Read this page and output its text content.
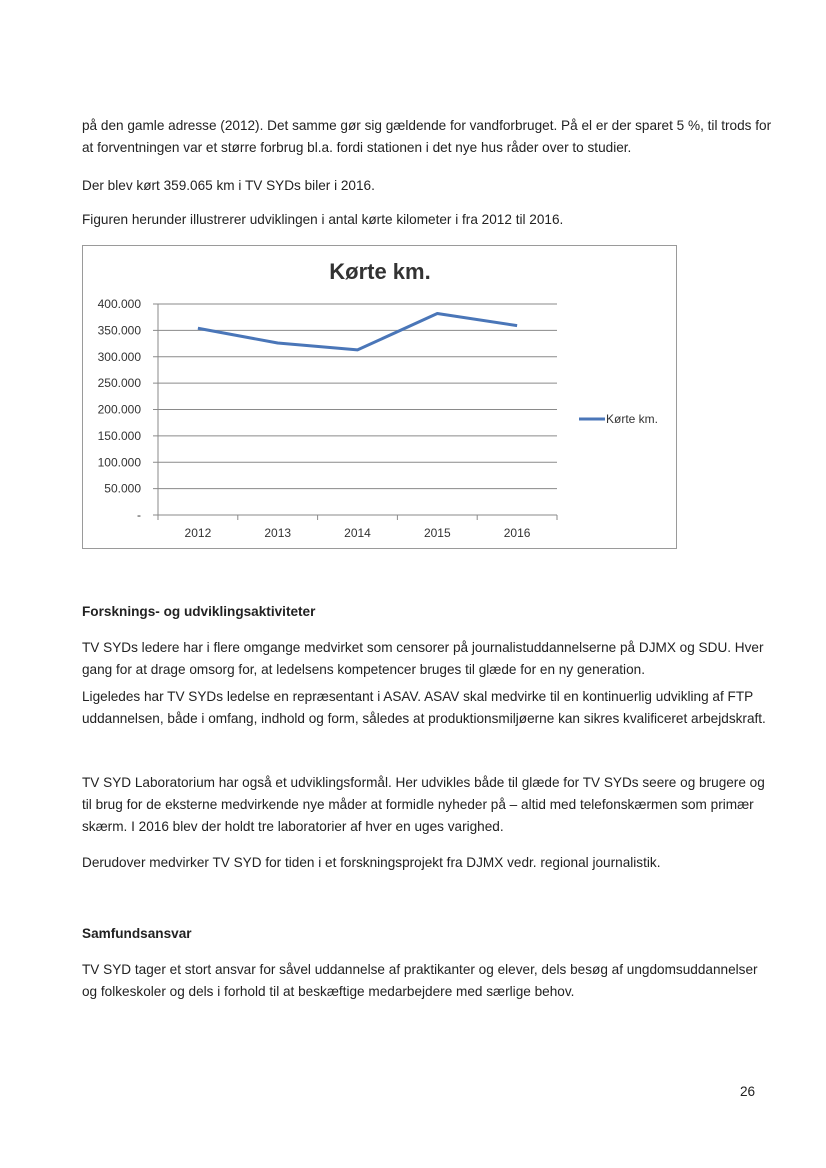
på den gamle adresse (2012). Det samme gør sig gældende for vandforbruget. På el er der sparet 5 %, til trods for at forventningen var et større forbrug bl.a. fordi stationen i det nye hus råder over to studier.

Der blev kørt 359.065 km i TV SYDs biler i 2016.

Figuren herunder illustrerer udviklingen i antal kørte kilometer i fra 2012 til 2016.

Kørte km.
-
50.000
100.000
150.000
200.000
250.000
300.000
350.000
400.000
2012	2013	2014	2015	2016
Kørte km.

Forsknings- og udviklingsaktiviteter

TV SYDs ledere har i flere omgange medvirket som censorer på journalistuddannelserne på DJMX og SDU. Hver gang for at drage omsorg for, at ledelsens kompetencer bruges til glæde for en ny generation.

Ligeledes har TV SYDs ledelse en repræsentant i ASAV. ASAV skal medvirke til en kontinuerlig udvikling af FTP uddannelsen, både i omfang, indhold og form, således at produktionsmiljøerne kan sikres kvalificeret arbejdskraft.

TV SYD Laboratorium har også et udviklingsformål. Her udvikles både til glæde for TV SYDs seere og brugere og til brug for de eksterne medvirkende nye måder at formidle nyheder på – altid med telefonskærmen som primær skærm. I 2016 blev der holdt tre laboratorier af hver en uges varighed.

Derudover medvirker TV SYD for tiden i et forskningsprojekt fra DJMX vedr. regional journalistik.

Samfundsansvar

TV SYD tager et stort ansvar for såvel uddannelse af praktikanter og elever, dels besøg af ungdomsuddannelser og folkeskoler og dels i forhold til at beskæftige medarbejdere med særlige behov.

26
